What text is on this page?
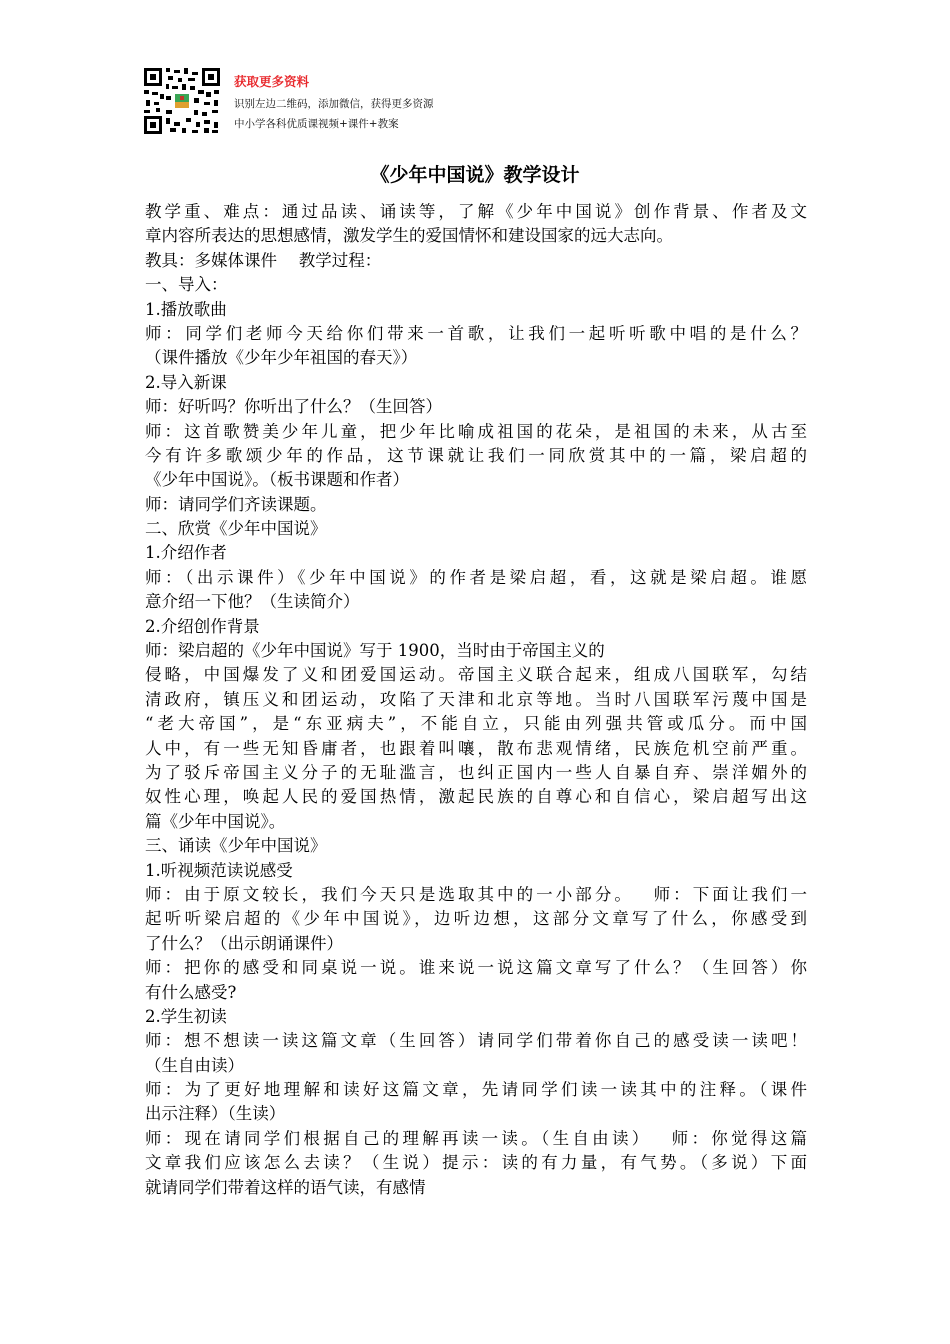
获取更多资料
识别左边二维码，添加微信，获得更多资源
中小学各科优质课视频+课件+教案
《少年中国说》教学设计
教学重、难点：通过品读、诵读等，了解《少年中国说》创作背景、作者及文
章内容所表达的思想感情，激发学生的爱国情怀和建设国家的远大志向。
教具：多媒体课件　 教学过程：
一、导入：
1.播放歌曲
师：同学们老师今天给你们带来一首歌，让我们一起听听歌中唱的是什么？
（课件播放《少年少年祖国的春天》）
2.导入新课
师：好听吗？你听出了什么？（生回答）
师：这首歌赞美少年儿童，把少年比喻成祖国的花朵，是祖国的未来，从古至
今有许多歌颂少年的作品，这节课就让我们一同欣赏其中的一篇，梁启超的
《少年中国说》。（板书课题和作者）
师：请同学们齐读课题。
二、欣赏《少年中国说》
1.介绍作者
师：（出示课件）《少年中国说》的作者是梁启超，看，这就是梁启超。谁愿
意介绍一下他？（生读简介）
2.介绍创作背景
师：梁启超的《少年中国说》写于 1900，当时由于帝国主义的
侵略，中国爆发了义和团爱国运动。帝国主义联合起来，组成八国联军，勾结
清政府，镇压义和团运动，攻陷了天津和北京等地。当时八国联军污蔑中国是
“老大帝国”，是“东亚病夫”，不能自立，只能由列强共管或瓜分。而中国
人中，有一些无知昏庸者，也跟着叫嚷，散布悲观情绪，民族危机空前严重。
为了驳斥帝国主义分子的无耻滥言，也纠正国内一些人自暴自弃、崇洋媚外的
奴性心理，唤起人民的爱国热情，激起民族的自尊心和自信心，梁启超写出这
篇《少年中国说》。
三、诵读《少年中国说》
1.听视频范读说感受
师：由于原文较长，我们今天只是选取其中的一小部分。　 师：下面让我们一
起听听梁启超的《少年中国说》，边听边想，这部分文章写了什么，你感受到
了什么？（出示朗诵课件）
师：把你的感受和同桌说一说。谁来说一说这篇文章写了什么？（生回答）你
有什么感受?
2.学生初读
师：想不想读一读这篇文章（生回答）请同学们带着你自己的感受读一读吧！
（生自由读）
师：为了更好地理解和读好这篇文章，先请同学们读一读其中的注释。（课件
出示注释）（生读）
师：现在请同学们根据自己的理解再读一读。（生自由读）　 师：你觉得这篇
文章我们应该怎么去读？（生说）提示：读的有力量，有气势。（多说）下面
就请同学们带着这样的语气读，有感情
